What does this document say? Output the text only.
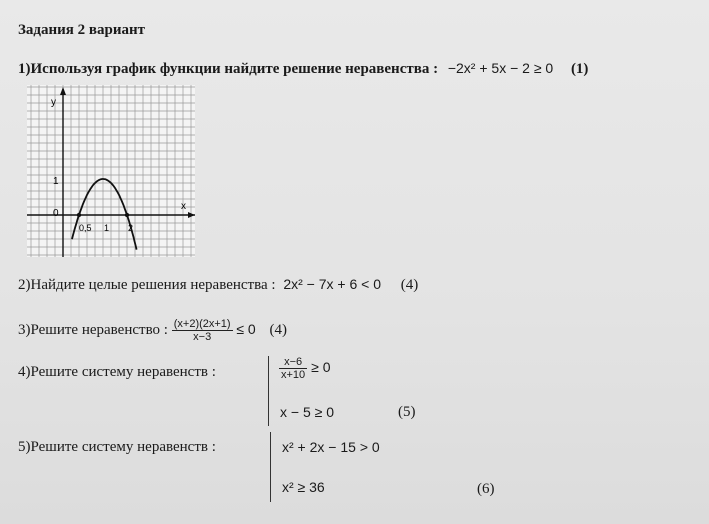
Задания 2 вариант
1)Используя график функции найдите решение неравенства : −2x² + 5x − 2 ≥ 0 (1)
y
x
0
1
0,5 1 2
2)Найдите целые решения неравенства : 2x² − 7x + 6 < 0 (4)
3)Решите неравенство : $\frac{(x+2)(2x+1)}{x-3} \le 0$ (4)
4)Решите систему неравенств :	$\frac{x-6}{x+10} \ge 0$
x − 5 ≥ 0	(5)
5)Решите систему неравенств :	x² + 2x − 15 > 0
x² ≥ 36	(6)
